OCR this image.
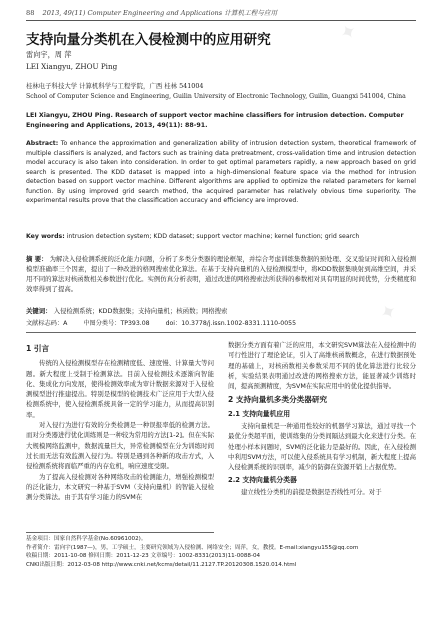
✦
✦
✦
88 2013, 49(11) Computer Engineering and Applications 计算机工程与应用
支持向量分类机在入侵检测中的应用研究
雷向宇，周 萍
LEI Xiangyu, ZHOU Ping
桂林电子科技大学 计算机科学与工程学院，广西 桂林 541004
School of Computer Science and Engineering, Guilin University of Electronic Technology, Guilin, Guangxi 541004, China
LEI Xiangyu, ZHOU Ping. Research of support vector machine classifiers for intrusion detection. Computer Engineering and Applications, 2013, 49(11): 88-91.
Abstract: To enhance the approximation and generalization ability of intrusion detection system, theoretical framework of multiple classifiers is analyzed, and factors such as training data pretreatment, cross-validation time and intrusion detection model accuracy is also taken into consideration. In order to get optimal parameters rapidly, a new approach based on grid search is presented. The KDD dataset is mapped into a high-dimensional feature space via the method for intrusion detection based on support vector machine. Different algorithms are applied to optimize the related parameters for kernel function. By using improved grid search method, the acquired parameter has relatively obvious time superiority. The experimental results prove that the classification accuracy and efficiency are improved.
Key words: intrusion detection system; KDD dataset; support vector machine; kernel function; grid search
摘 要： 为解决入侵检测系统的泛化能力问题，分析了多类分类器的理论框架，并综合考虑训练集数据的预处理、交叉验证时间和入侵检测模型准确率三个因素，提出了一种改进的格网搜索优化算法。在基于支持向量机的入侵检测模型中，将KDD数据集映射到高维空间，并采用不同的算法对核函数相关参数进行优化。实例仿真分析表明，通过改进的网格搜索法所获得的参数相对具有明显的时间优势，分类精度和效率得到了提高。
关键词： 入侵检测系统；KDD数据集；支持向量机；核函数；网格搜索
文献标志码：A	中图分类号：TP393.08	doi：10.3778/j.issn.1002-8331.1110-0055
1 引言

传统的入侵检测模型存在检测精度低、速度慢、计算量大等问题。新大程度上受制于检测算法。目前入侵检测技术逐渐向智能化、集成化方向发展，使得检测效率成为审计数据来源对于入侵检测模型进行推建提出。特别是模型的检测技术广泛应用于大型入侵检测系统中，使入侵检测系统具备一定的学习能力，从而提高识别率。

对入侵行为进行有效的分类检测是一种误报率低的检测方法。而对分类器进行优化训练则是一种较为常用的方法[1-2]。但在实际大规模网络监测中，数据流量巨大，异常检测模型在分为训练时间过长而无法有效监测入侵行为。特别是遇到各种新的攻击方式，入侵检测系统将面临严重的内存危机，响应速度受限。

为了提高入侵检测对各种网络攻击的检测能力，增强检测模型的泛化能力，本文研究一种基于SVM（支持向量机）的智能入侵检测分类算法。由于其有学习能力的SVM在

数据分类方面有着广泛的应用，本文研究SVM算法在入侵检测中的可行性进行了理论论证，引入了高维核函数概念，在进行数据预处理的基础上，对核函数相关参数采用不同的优化算法进行比较分析，实验结果表明通过改进的网格搜索方法，能显著减少训练时间，提高预测精度，为SVM在实际应用中的优化提供指导。

2 支持向量机多类分类器研究
2.1 支持向量机应用

支持向量机是一种通用性较好的机器学习算法，通过寻找一个最优分类超平面，使训练集的分类间隔达到最大化来进行分类。在处理小样本问题时，SVM的泛化能力是最好的。因此，在入侵检测中利用SVM方法，可以使入侵系统具有学习机制，新大程度上提高入侵检测系统的识别率，减少的防御在资源开销上占据优势。

2.2 支持向量机分类器

建立线性分类机的前提是数据是否线性可分。对于

基金项目：国家自然科学基金(No.60961002)。
作者简介：雷向宇(1987—)，男，工学硕士，主要研究领域为入侵检测、网络安全；周萍，女，教授。E-mail:xiangyu155@qq.com
收稿日期：2011-10-08 修回日期：2011-12-23 文章编号：1002-8331(2013)11-0088-04
CNKI出版日期：2012-03-08 http://www.cnki.net/kcms/detail/11.2127.TP.20120308.1520.014.html
